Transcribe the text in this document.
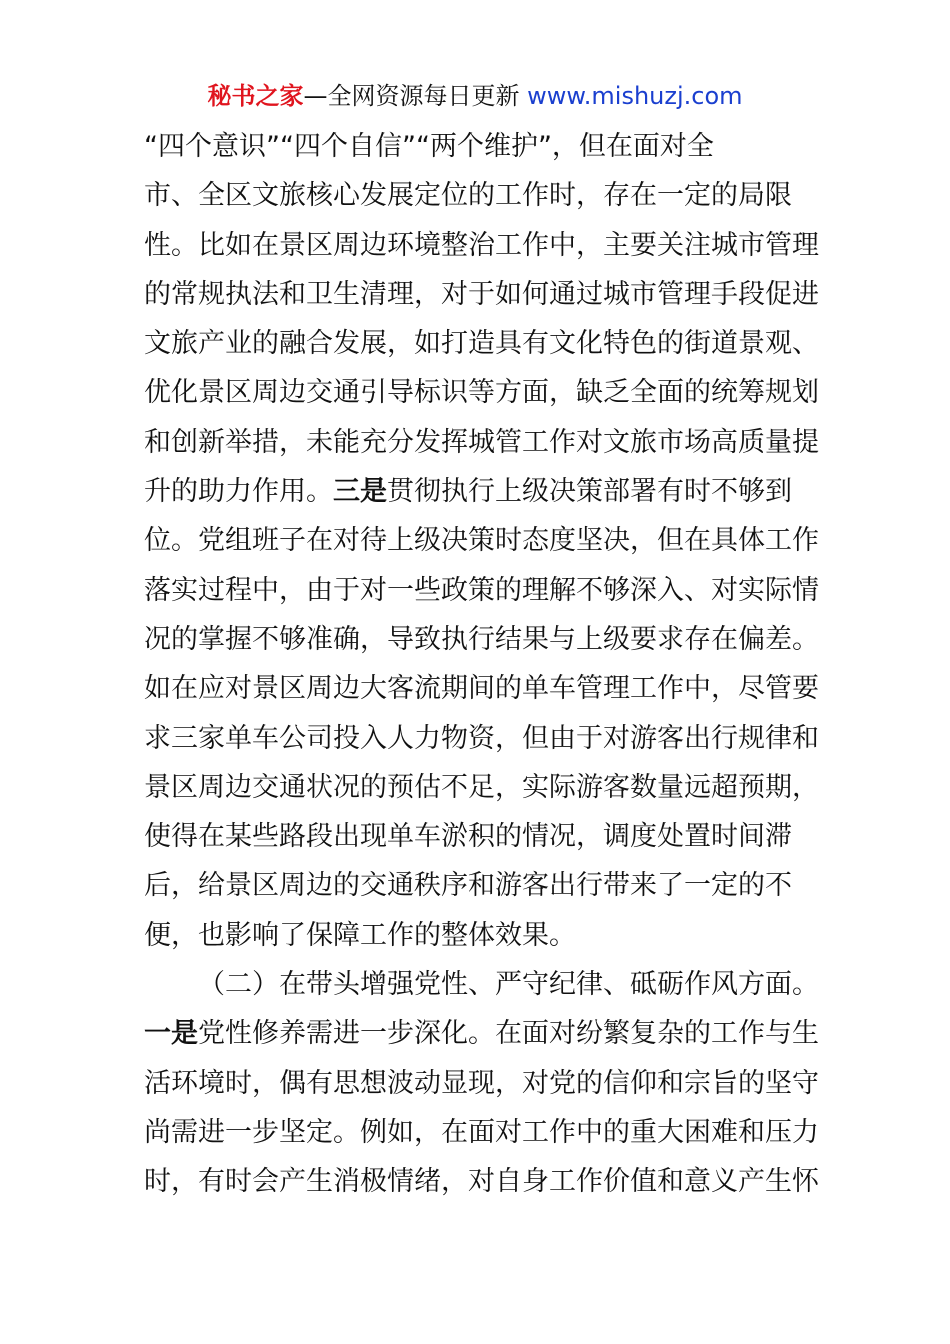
秘书之家—全网资源每日更新 www.mishuzj.com
“四个意识”“四个自信”“两个维护”，但在面对全
市、全区文旅核心发展定位的工作时，存在一定的局限
性。比如在景区周边环境整治工作中，主要关注城市管理
的常规执法和卫生清理，对于如何通过城市管理手段促进
文旅产业的融合发展，如打造具有文化特色的街道景观、
优化景区周边交通引导标识等方面，缺乏全面的统筹规划
和创新举措，未能充分发挥城管工作对文旅市场高质量提
升的助力作用。三是贯彻执行上级决策部署有时不够到
位。党组班子在对待上级决策时态度坚决，但在具体工作
落实过程中，由于对一些政策的理解不够深入、对实际情
况的掌握不够准确，导致执行结果与上级要求存在偏差。
如在应对景区周边大客流期间的单车管理工作中，尽管要
求三家单车公司投入人力物资，但由于对游客出行规律和
景区周边交通状况的预估不足，实际游客数量远超预期，
使得在某些路段出现单车淤积的情况，调度处置时间滞
后，给景区周边的交通秩序和游客出行带来了一定的不
便，也影响了保障工作的整体效果。
（二）在带头增强党性、严守纪律、砥砺作风方面。
一是党性修养需进一步深化。在面对纷繁复杂的工作与生
活环境时，偶有思想波动显现，对党的信仰和宗旨的坚守
尚需进一步坚定。例如，在面对工作中的重大困难和压力
时，有时会产生消极情绪，对自身工作价值和意义产生怀
